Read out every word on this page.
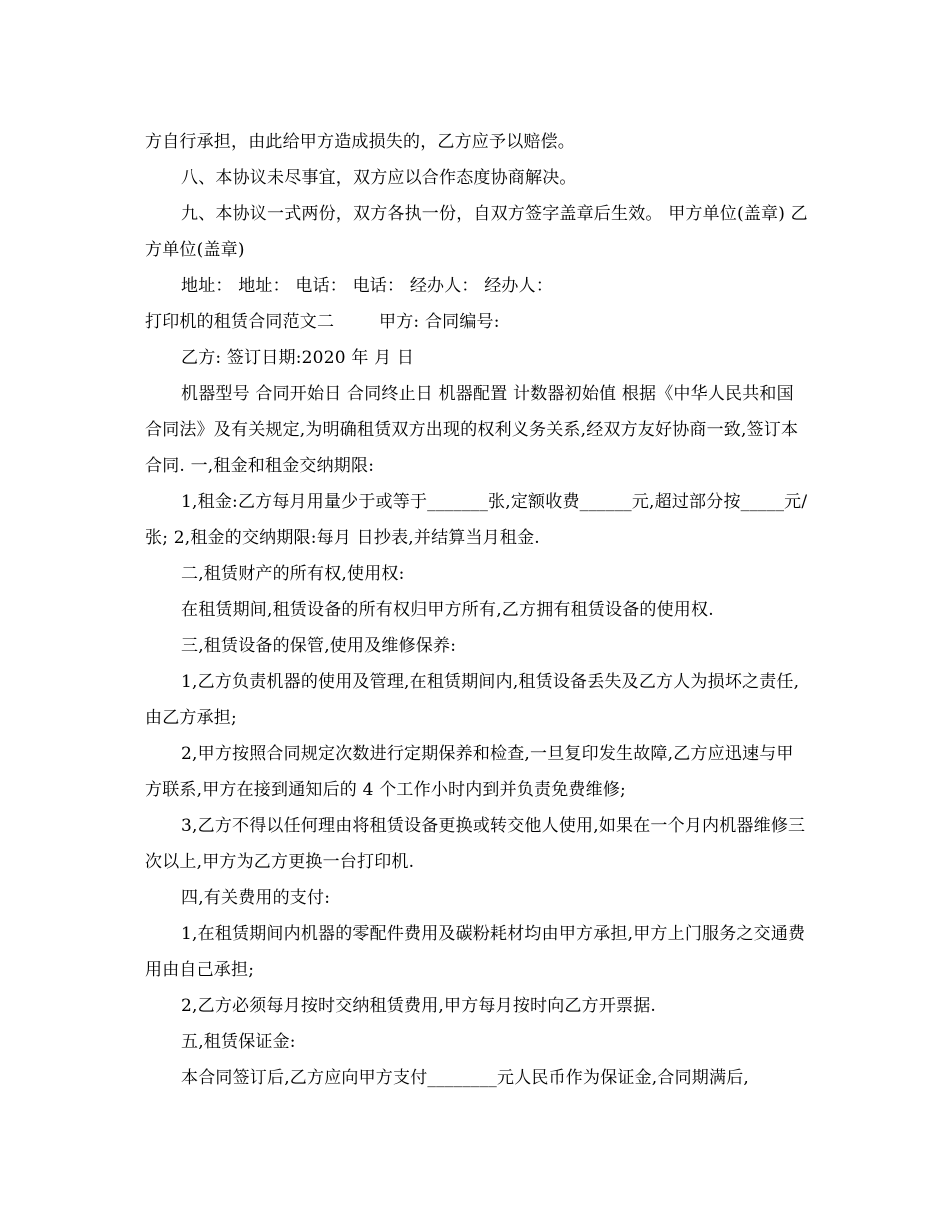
方自行承担，由此给甲方造成损失的，乙方应予以赔偿。

八、本协议未尽事宜，双方应以合作态度协商解决。

九、本协议一式两份，双方各执一份，自双方签字盖章后生效。 甲方单位(盖章) 乙方单位(盖章)

地址： 地址： 电话： 电话： 经办人： 经办人：

打印机的租赁合同范文二        甲方: 合同编号:

乙方: 签订日期:2020 年 月 日

机器型号 合同开始日 合同终止日 机器配置 计数器初始值 根据《中华人民共和国合同法》及有关规定,为明确租赁双方出现的权利义务关系,经双方友好协商一致,签订本合同. 一,租金和租金交纳期限:

1,租金:乙方每月用量少于或等于_______张,定额收费______元,超过部分按_____元/张; 2,租金的交纳期限:每月 日抄表,并结算当月租金.

二,租赁财产的所有权,使用权:

在租赁期间,租赁设备的所有权归甲方所有,乙方拥有租赁设备的使用权.

三,租赁设备的保管,使用及维修保养:

1,乙方负责机器的使用及管理,在租赁期间内,租赁设备丢失及乙方人为损坏之责任,由乙方承担;

2,甲方按照合同规定次数进行定期保养和检查,一旦复印发生故障,乙方应迅速与甲方联系,甲方在接到通知后的 4 个工作小时内到并负责免费维修;

3,乙方不得以任何理由将租赁设备更换或转交他人使用,如果在一个月内机器维修三次以上,甲方为乙方更换一台打印机.

四,有关费用的支付:

1,在租赁期间内机器的零配件费用及碳粉耗材均由甲方承担,甲方上门服务之交通费用由自己承担;

2,乙方必须每月按时交纳租赁费用,甲方每月按时向乙方开票据.

五,租赁保证金:

本合同签订后,乙方应向甲方支付________元人民币作为保证金,合同期满后,
